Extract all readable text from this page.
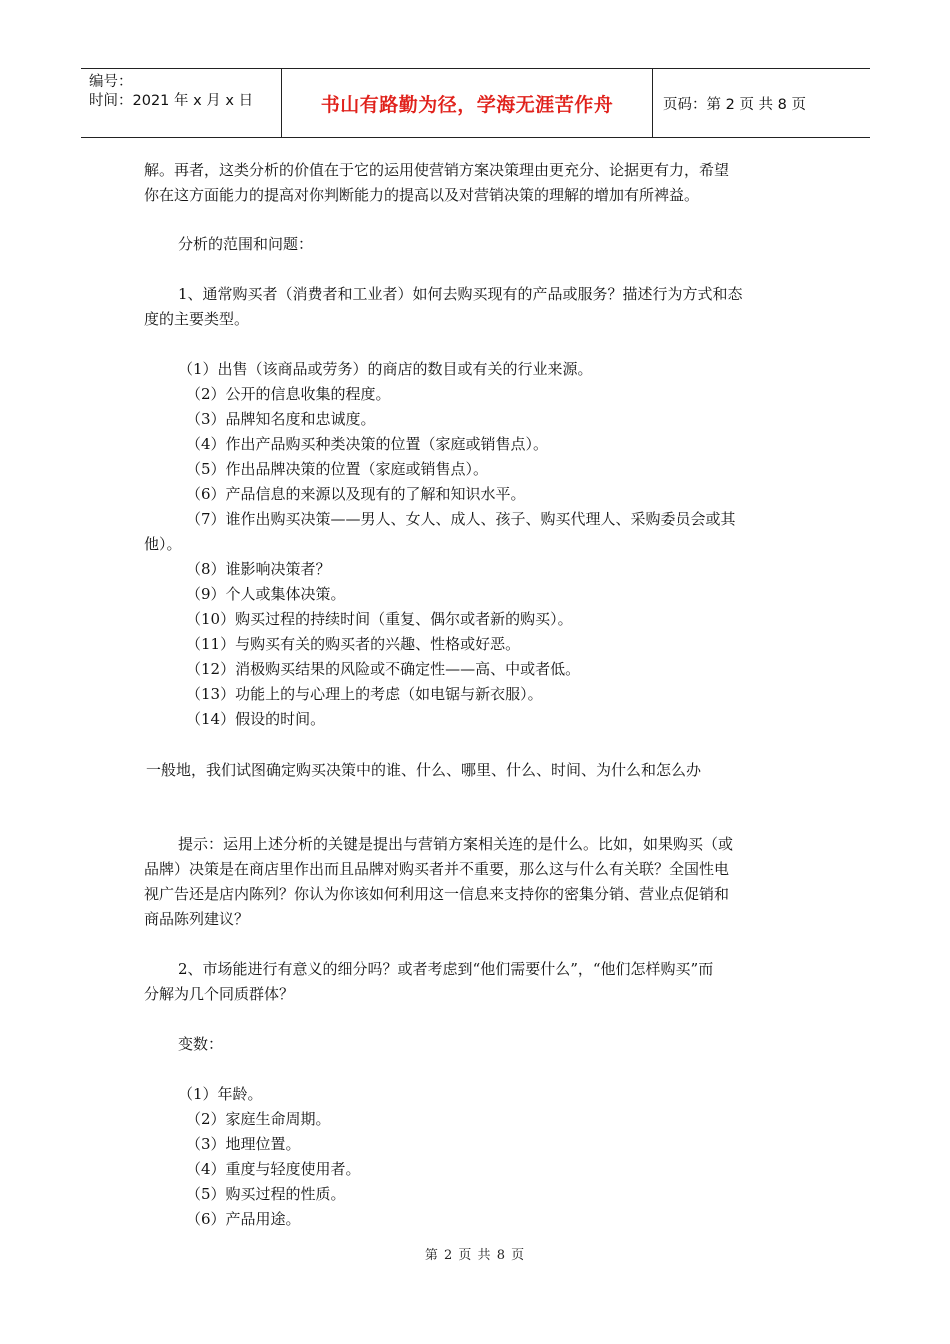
编号：
时间：2021 年 x 月 x 日	书山有路勤为径，学海无涯苦作舟	页码：第 2 页 共 8 页
解。再者，这类分析的价值在于它的运用使营销方案决策理由更充分、论据更有力，希望
你在这方面能力的提高对你判断能力的提高以及对营销决策的理解的增加有所裨益。
分析的范围和问题：
1、通常购买者（消费者和工业者）如何去购买现有的产品或服务？描述行为方式和态
度的主要类型。
（1）出售（该商品或劳务）的商店的数目或有关的行业来源。
（2）公开的信息收集的程度。
（3）品牌知名度和忠诚度。
（4）作出产品购买种类决策的位置（家庭或销售点）。
（5）作出品牌决策的位置（家庭或销售点）。
（6）产品信息的来源以及现有的了解和知识水平。
（7）谁作出购买决策——男人、女人、成人、孩子、购买代理人、采购委员会或其
他）。
（8）谁影响决策者？
（9）个人或集体决策。
（10）购买过程的持续时间（重复、偶尔或者新的购买）。
（11）与购买有关的购买者的兴趣、性格或好恶。
（12）消极购买结果的风险或不确定性——高、中或者低。
（13）功能上的与心理上的考虑（如电锯与新衣服）。
（14）假设的时间。
一般地，我们试图确定购买决策中的谁、什么、哪里、什么、时间、为什么和怎么办
提示：运用上述分析的关键是提出与营销方案相关连的是什么。比如，如果购买（或
品牌）决策是在商店里作出而且品牌对购买者并不重要，那么这与什么有关联？全国性电
视广告还是店内陈列？你认为你该如何利用这一信息来支持你的密集分销、营业点促销和
商品陈列建议？
2、市场能进行有意义的细分吗？或者考虑到“他们需要什么”，“他们怎样购买”而
分解为几个同质群体？
变数：
（1）年龄。
（2）家庭生命周期。
（3）地理位置。
（4）重度与轻度使用者。
（5）购买过程的性质。
（6）产品用途。
第 2 页 共 8 页
